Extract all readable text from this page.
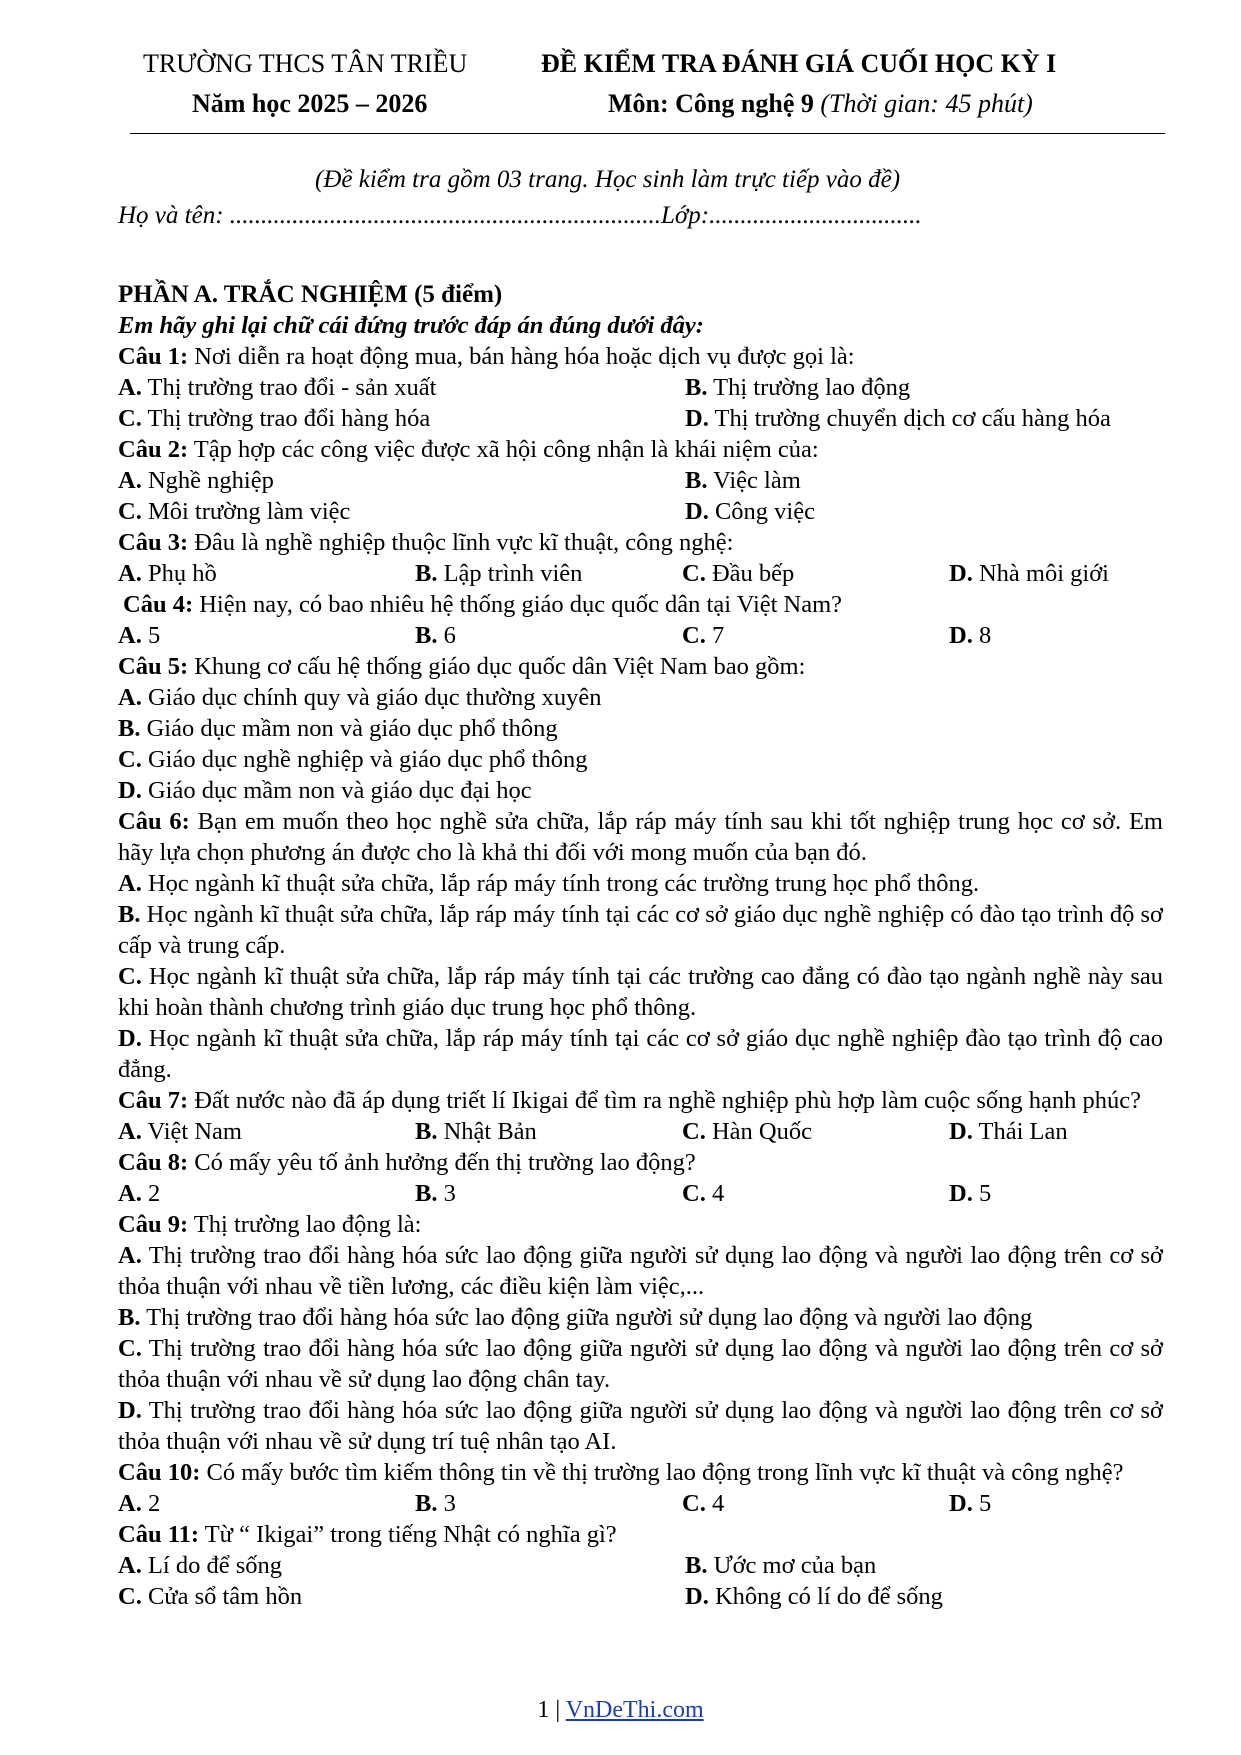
TRƯỜNG THCS TÂN TRIỀU	ĐỀ KIỂM TRA ĐÁNH GIÁ CUỐI HỌC KỲ I
Năm học 2025 – 2026	Môn: Công nghệ 9 (Thời gian: 45 phút)
(Đề kiểm tra gồm 03 trang. Học sinh làm trực tiếp vào đề)
Họ và tên: .....................................................................Lớp:..................................
PHẦN A. TRẮC NGHIỆM (5 điểm)
Em hãy ghi lại chữ cái đứng trước đáp án đúng dưới đây:
Câu 1: Nơi diễn ra hoạt động mua, bán hàng hóa hoặc dịch vụ được gọi là:
A. Thị trường trao đổi - sản xuất	B. Thị trường lao động
C. Thị trường trao đổi hàng hóa	D. Thị trường chuyển dịch cơ cấu hàng hóa
Câu 2: Tập hợp các công việc được xã hội công nhận là khái niệm của:
A. Nghề nghiệp	B. Việc làm
C. Môi trường làm việc	D. Công việc
Câu 3: Đâu là nghề nghiệp thuộc lĩnh vực kĩ thuật, công nghệ:
A. Phụ hồ	B. Lập trình viên	C. Đầu bếp	D. Nhà môi giới
Câu 4: Hiện nay, có bao nhiêu hệ thống giáo dục quốc dân tại Việt Nam?
A. 5	B. 6	C. 7	D. 8
Câu 5: Khung cơ cấu hệ thống giáo dục quốc dân Việt Nam bao gồm:
A. Giáo dục chính quy và giáo dục thường xuyên
B. Giáo dục mầm non và giáo dục phổ thông
C. Giáo dục nghề nghiệp và giáo dục phổ thông
D. Giáo dục mầm non và giáo dục đại học
Câu 6: Bạn em muốn theo học nghề sửa chữa, lắp ráp máy tính sau khi tốt nghiệp trung học cơ sở. Em hãy lựa chọn phương án được cho là khả thi đối với mong muốn của bạn đó.
A. Học ngành kĩ thuật sửa chữa, lắp ráp máy tính trong các trường trung học phổ thông.
B. Học ngành kĩ thuật sửa chữa, lắp ráp máy tính tại các cơ sở giáo dục nghề nghiệp có đào tạo trình độ sơ cấp và trung cấp.
C. Học ngành kĩ thuật sửa chữa, lắp ráp máy tính tại các trường cao đẳng có đào tạo ngành nghề này sau khi hoàn thành chương trình giáo dục trung học phổ thông.
D. Học ngành kĩ thuật sửa chữa, lắp ráp máy tính tại các cơ sở giáo dục nghề nghiệp đào tạo trình độ cao đẳng.
Câu 7: Đất nước nào đã áp dụng triết lí Ikigai để tìm ra nghề nghiệp phù hợp làm cuộc sống hạnh phúc?
A. Việt Nam	B. Nhật Bản	C. Hàn Quốc	D. Thái Lan
Câu 8: Có mấy yêu tố ảnh hưởng đến thị trường lao động?
A. 2	B. 3	C. 4	D. 5
Câu 9: Thị trường lao động là:
A. Thị trường trao đổi hàng hóa sức lao động giữa người sử dụng lao động và người lao động trên cơ sở thỏa thuận với nhau về tiền lương, các điều kiện làm việc,...
B. Thị trường trao đổi hàng hóa sức lao động giữa người sử dụng lao động và người lao động
C. Thị trường trao đổi hàng hóa sức lao động giữa người sử dụng lao động và người lao động trên cơ sở thỏa thuận với nhau về sử dụng lao động chân tay.
D. Thị trường trao đổi hàng hóa sức lao động giữa người sử dụng lao động và người lao động trên cơ sở thỏa thuận với nhau về sử dụng trí tuệ nhân tạo AI.
Câu 10: Có mấy bước tìm kiếm thông tin về thị trường lao động trong lĩnh vực kĩ thuật và công nghệ?
A. 2	B. 3	C. 4	D. 5
Câu 11: Từ “ Ikigai” trong tiếng Nhật có nghĩa gì?
A. Lí do để sống	B. Ước mơ của bạn
C. Cửa sổ tâm hồn	D. Không có lí do để sống
1 | VnDeThi.com
